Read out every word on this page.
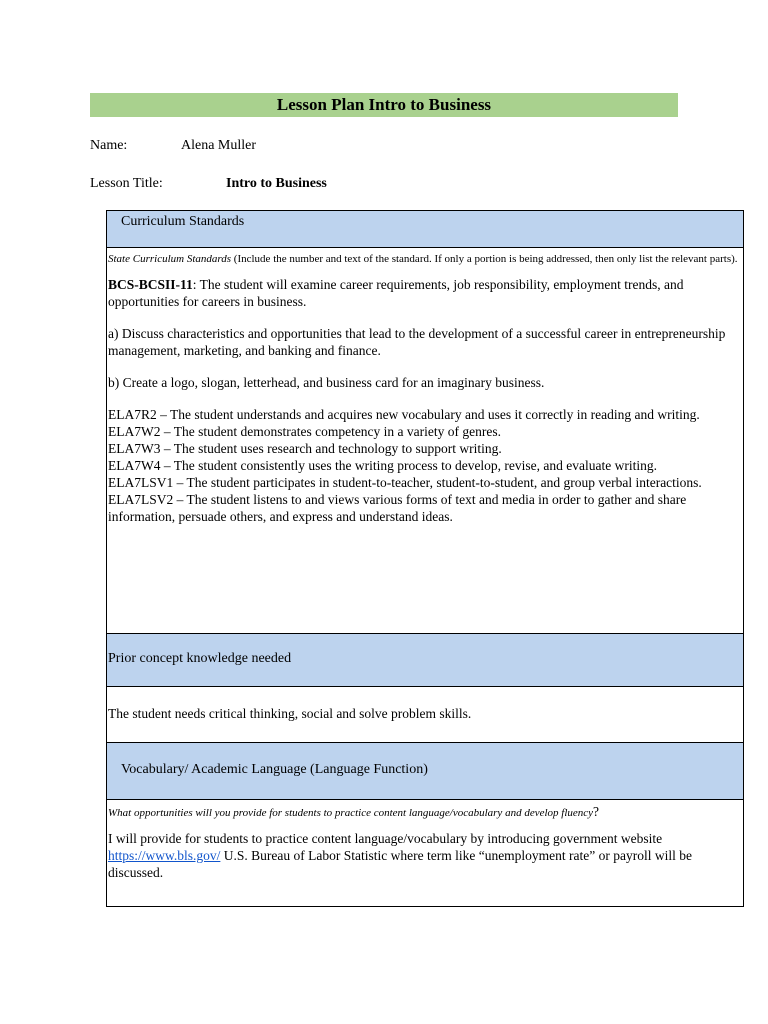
Lesson Plan Intro to Business
Name:	Alena Muller
Lesson Title:	Intro to Business
Curriculum Standards

State Curriculum Standards (Include the number and text of the standard. If only a portion is being addressed, then only list the relevant parts).

BCS-BCSII-11: The student will examine career requirements, job responsibility, employment trends, and opportunities for careers in business.

a) Discuss characteristics and opportunities that lead to the development of a successful career in entrepreneurship management, marketing, and banking and finance.

b) Create a logo, slogan, letterhead, and business card for an imaginary business.

ELA7R2 – The student understands and acquires new vocabulary and uses it correctly in reading and writing.

ELA7W2 – The student demonstrates competency in a variety of genres.

ELA7W3 – The student uses research and technology to support writing.

ELA7W4 – The student consistently uses the writing process to develop, revise, and evaluate writing.

ELA7LSV1 – The student participates in student-to-teacher, student-to-student, and group verbal interactions.

ELA7LSV2 – The student listens to and views various forms of text and media in order to gather and share information, persuade others, and express and understand ideas.

Prior concept knowledge needed
The student needs critical thinking, social and solve problem skills.
Vocabulary/ Academic Language (Language Function)

What opportunities will you provide for students to practice content language/vocabulary and develop fluency?

I will provide for students to practice content language/vocabulary by introducing government website https://www.bls.gov/ U.S. Bureau of Labor Statistic where term like “unemployment rate” or payroll will be discussed.
